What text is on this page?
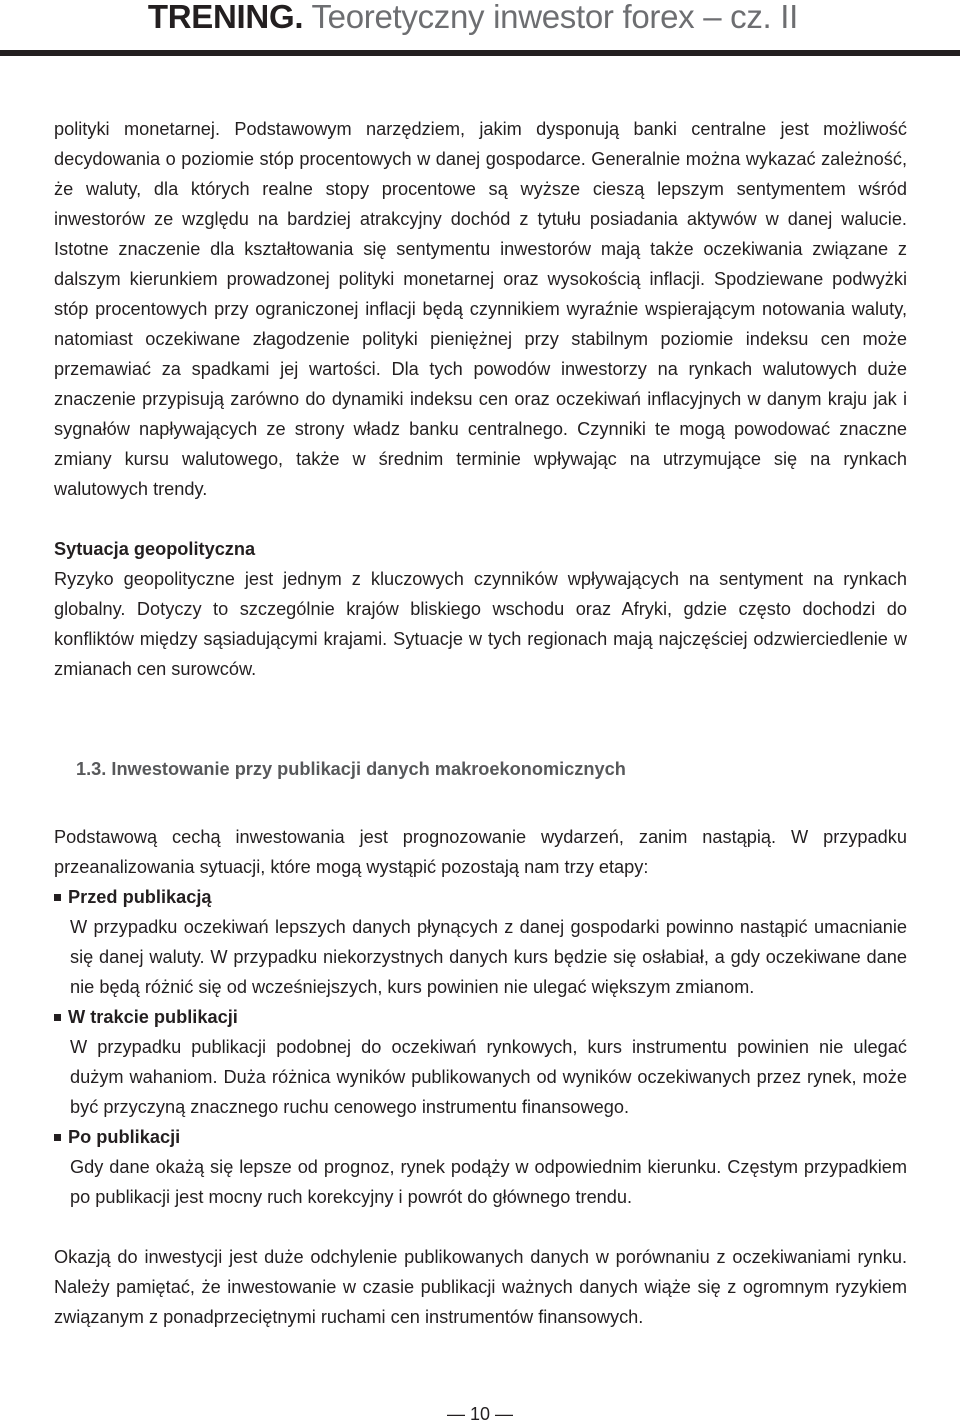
TRENING. Teoretyczny inwestor forex – cz. II

polityki monetarnej. Podstawowym narzędziem, jakim dysponują banki centralne jest możliwość decydowania o poziomie stóp procentowych w danej gospodarce. Generalnie można wykazać zależność, że waluty, dla których realne stopy procentowe są wyższe cieszą lepszym sentymentem wśród inwestorów ze względu na bardziej atrakcyjny dochód z tytułu posiadania aktywów w danej walucie. Istotne znaczenie dla kształtowania się sentymentu inwestorów mają także oczekiwania związane z dalszym kierunkiem prowadzonej polityki monetarnej oraz wysokością inflacji. Spodziewane podwyżki stóp procentowych przy ograniczonej inflacji będą czynnikiem wyraźnie wspierającym notowania waluty, natomiast oczekiwane złagodzenie polityki pieniężnej przy stabilnym poziomie indeksu cen może przemawiać za spadkami jej wartości. Dla tych powodów inwestorzy na rynkach walutowych duże znaczenie przypisują zarówno do dynamiki indeksu cen oraz oczekiwań inflacyjnych w danym kraju jak i sygnałów napływających ze strony władz banku centralnego. Czynniki te mogą powodować znaczne zmiany kursu walutowego, także w średnim terminie wpływając na utrzymujące się na rynkach walutowych trendy.

Sytuacja geopolityczna

Ryzyko geopolityczne jest jednym z kluczowych czynników wpływających na sentyment na rynkach globalny. Dotyczy to szczególnie krajów bliskiego wschodu oraz Afryki, gdzie często dochodzi do konfliktów między sąsiadującymi krajami. Sytuacje w tych regionach mają najczęściej odzwierciedlenie w zmianach cen surowców.

1.3. Inwestowanie przy publikacji danych makroekonomicznych

Podstawową cechą inwestowania jest prognozowanie wydarzeń, zanim nastąpią. W przypadku przeanalizowania sytuacji, które mogą wystąpić pozostają nam trzy etapy:

Przed publikacją
W przypadku oczekiwań lepszych danych płynących z danej gospodarki powinno nastąpić umacnianie się danej waluty. W przypadku niekorzystnych danych kurs będzie się osłabiał, a gdy oczekiwane dane nie będą różnić się od wcześniejszych, kurs powinien nie ulegać większym zmianom.
W trakcie publikacji
W przypadku publikacji podobnej do oczekiwań rynkowych, kurs instrumentu powinien nie ulegać dużym wahaniom. Duża różnica wyników publikowanych od wyników oczekiwanych przez rynek, może być przyczyną znacznego ruchu cenowego instrumentu finansowego.
Po publikacji
Gdy dane okażą się lepsze od prognoz, rynek podąży w odpowiednim kierunku. Częstym przypadkiem po publikacji jest mocny ruch korekcyjny i powrót do głównego trendu.

Okazją do inwestycji jest duże odchylenie publikowanych danych w porównaniu z oczekiwaniami rynku. Należy pamiętać, że inwestowanie w czasie publikacji ważnych danych wiąże się z ogromnym ryzykiem związanym z ponadprzeciętnymi ruchami cen instrumentów finansowych.

— 10 —
